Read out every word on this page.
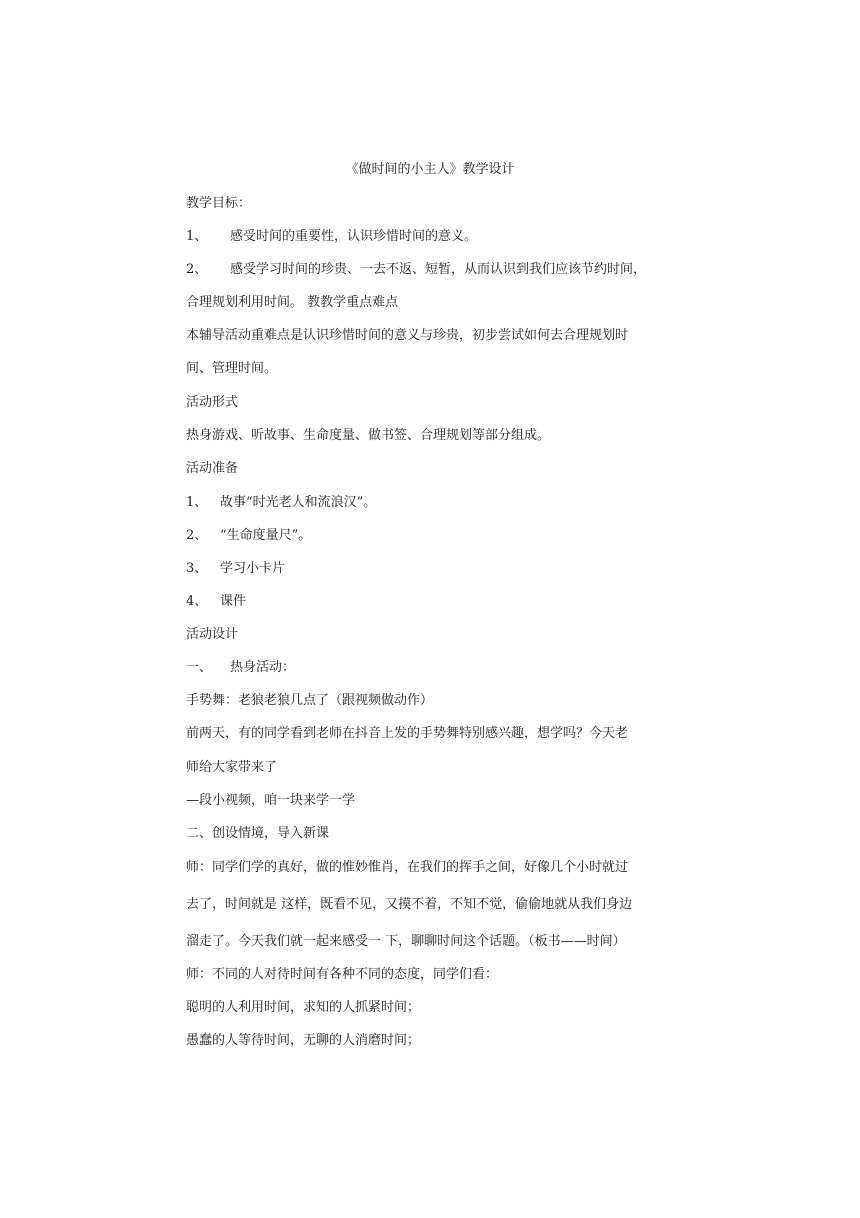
《做时间的小主人》教学设计
教学目标：
1、 感受时间的重要性，认识珍惜时间的意义。
2、 感受学习时间的珍贵、一去不返、短暂，从而认识到我们应该节约时间，
合理规划利用时间。 教教学重点难点
本辅导活动重难点是认识珍惜时间的意义与珍贵，初步尝试如何去合理规划时
间、管理时间。
活动形式
热身游戏、听故事、生命度量、做书签、合理规划等部分组成。
活动准备
1、 故事“时光老人和流浪汉”。
2、 “生命度量尺”。
3、 学习小卡片
4、 课件
活动设计
一、 热身活动：
手势舞：老狼老狼几点了（跟视频做动作）
前两天，有的同学看到老师在抖音上发的手势舞特别感兴趣，想学吗？今天老
师给大家带来了
—段小视频，咱一块来学一学
二、创设情境，导入新课
师：同学们学的真好，做的惟妙惟肖，在我们的挥手之间，好像几个小时就过
去了，时间就是 这样，既看不见，又摸不着，不知不觉，偷偷地就从我们身边
溜走了。今天我们就一起来感受一 下，聊聊时间这个话题。（板书——时间）
师：不同的人对待时间有各种不同的态度，同学们看：
聪明的人利用时间，求知的人抓紧时间；
愚蠢的人等待时间，无聊的人消磨时间；
